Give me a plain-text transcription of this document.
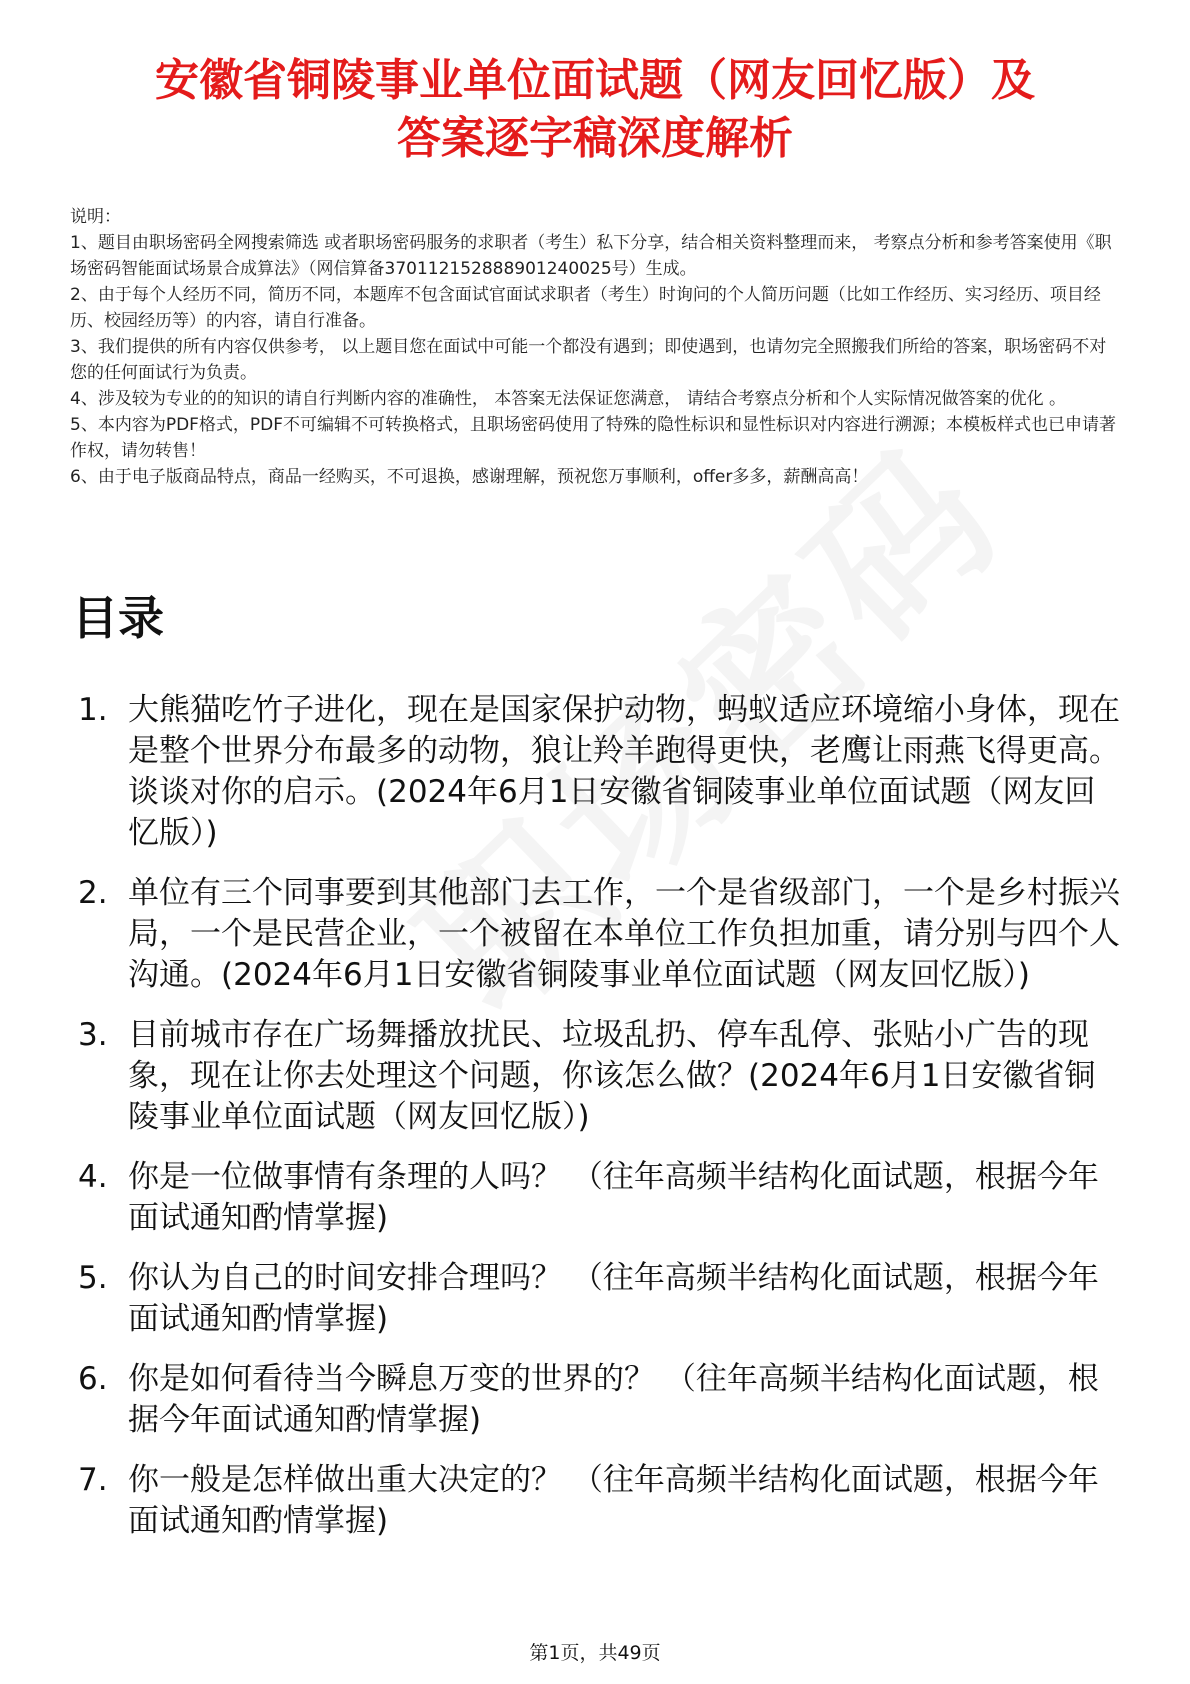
安徽省铜陵事业单位面试题（网友回忆版）及
答案逐字稿深度解析

说明：

1、题目由职场密码全网搜索筛选 或者职场密码服务的求职者（考生）私下分享，结合相关资料整理而来， 考察点分析和参考答案使用《职场密码智能面试场景合成算法》（网信算备370112152888901240025号）生成。

2、由于每个人经历不同，简历不同，本题库不包含面试官面试求职者（考生）时询问的个人简历问题（比如工作经历、实习经历、项目经历、校园经历等）的内容，请自行准备。

3、我们提供的所有内容仅供参考， 以上题目您在面试中可能一个都没有遇到；即使遇到，也请勿完全照搬我们所给的答案，职场密码不对您的任何面试行为负责。

4、涉及较为专业的的知识的请自行判断内容的准确性， 本答案无法保证您满意， 请结合考察点分析和个人实际情况做答案的优化 。

5、本内容为PDF格式，PDF不可编辑不可转换格式，且职场密码使用了特殊的隐性标识和显性标识对内容进行溯源；本模板样式也已申请著作权，请勿转售！

6、由于电子版商品特点，商品一经购买，不可退换，感谢理解，预祝您万事顺利，offer多多，薪酬高高！

目录
1. 大熊猫吃竹子进化，现在是国家保护动物，蚂蚁适应环境缩小身体，现在是整个世界分布最多的动物，狼让羚羊跑得更快，老鹰让雨燕飞得更高。谈谈对你的启示。(2024年6月1日安徽省铜陵事业单位面试题（网友回忆版）)
2. 单位有三个同事要到其他部门去工作，一个是省级部门，一个是乡村振兴局，一个是民营企业，一个被留在本单位工作负担加重，请分别与四个人沟通。(2024年6月1日安徽省铜陵事业单位面试题（网友回忆版）)
3. 目前城市存在广场舞播放扰民、垃圾乱扔、停车乱停、张贴小广告的现象，现在让你去处理这个问题，你该怎么做？(2024年6月1日安徽省铜陵事业单位面试题（网友回忆版）)
4. 你是一位做事情有条理的人吗？ （往年高频半结构化面试题，根据今年面试通知酌情掌握)
5. 你认为自己的时间安排合理吗？ （往年高频半结构化面试题，根据今年面试通知酌情掌握)
6. 你是如何看待当今瞬息万变的世界的？ （往年高频半结构化面试题，根据今年面试通知酌情掌握)
7. 你一般是怎样做出重大决定的？ （往年高频半结构化面试题，根据今年面试通知酌情掌握)
第1页，共49页
